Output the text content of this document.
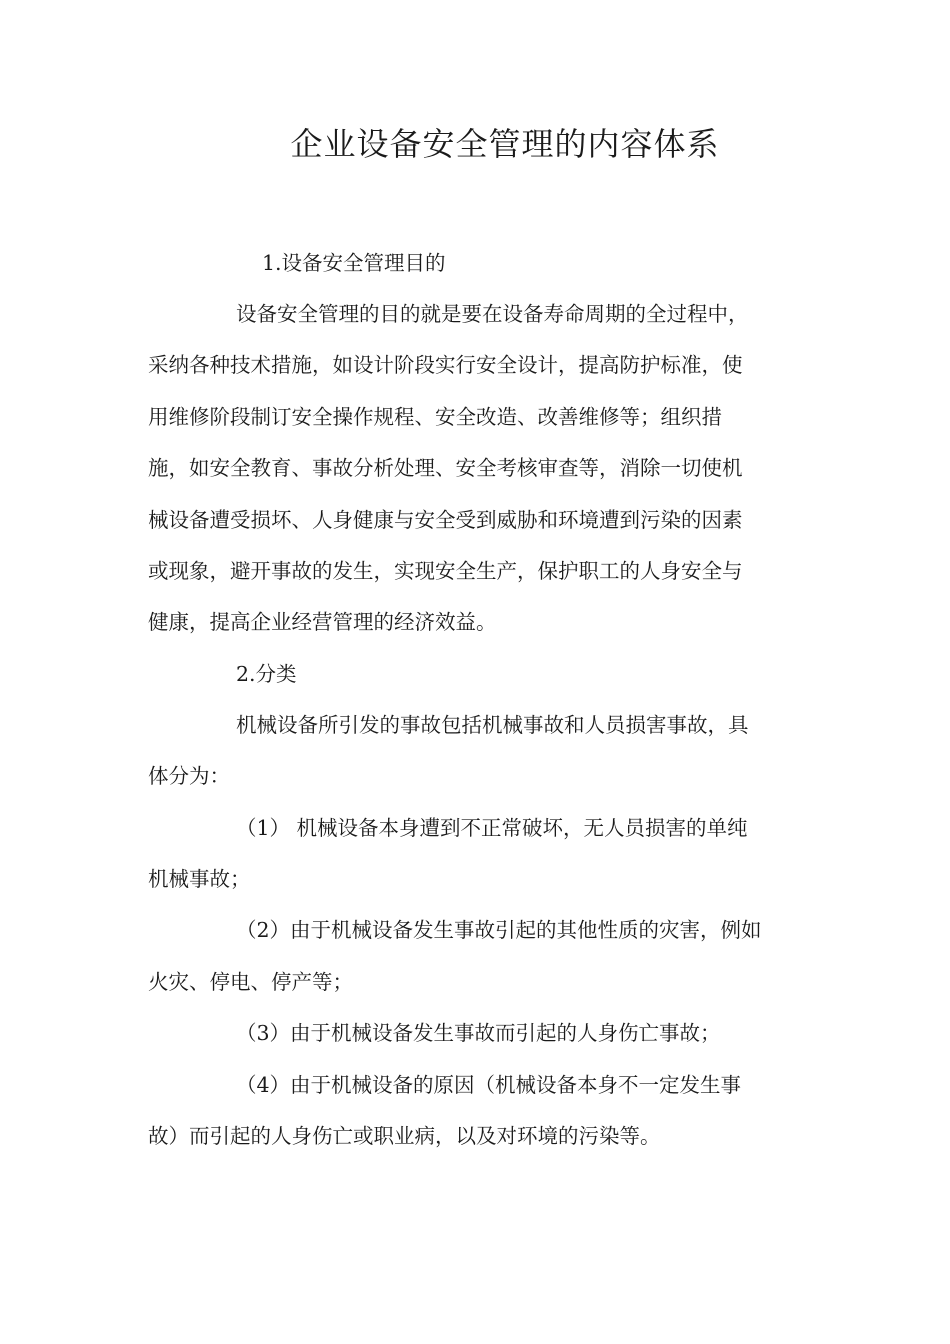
企业设备安全管理的内容体系

1.设备安全管理目的

设备安全管理的目的就是要在设备寿命周期的全过程中，

采纳各种技术措施，如设计阶段实行安全设计，提高防护标准，使

用维修阶段制订安全操作规程、安全改造、改善维修等；组织措

施，如安全教育、事故分析处理、安全考核审查等，消除一切使机

械设备遭受损坏、人身健康与安全受到威胁和环境遭到污染的因素

或现象，避开事故的发生，实现安全生产，保护职工的人身安全与

健康，提高企业经营管理的经济效益。

2.分类

机械设备所引发的事故包括机械事故和人员损害事故，具

体分为：

（1） 机械设备本身遭到不正常破坏，无人员损害的单纯

机械事故；

（2）由于机械设备发生事故引起的其他性质的灾害，例如

火灾、停电、停产等；

（3）由于机械设备发生事故而引起的人身伤亡事故；

（4）由于机械设备的原因（机械设备本身不一定发生事

故）而引起的人身伤亡或职业病，以及对环境的污染等。
